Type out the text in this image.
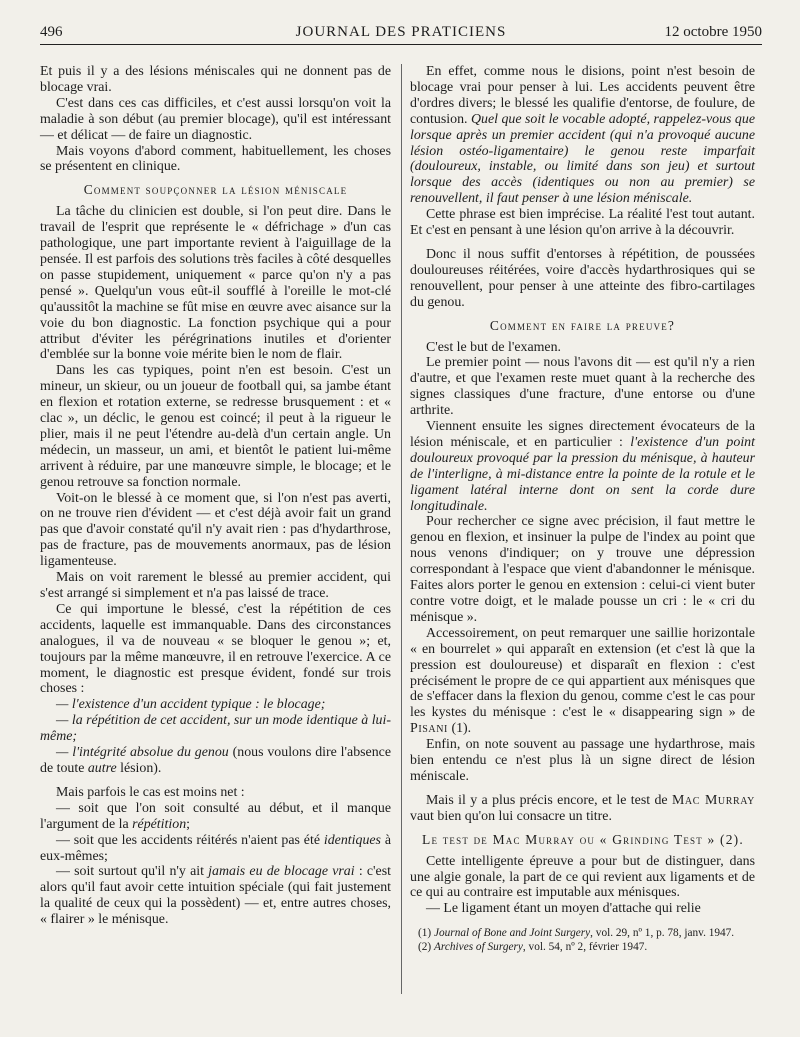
496	JOURNAL DES PRATICIENS	12 octobre 1950

Et puis il y a des lésions méniscales qui ne donnent pas de blocage vrai.

C'est dans ces cas difficiles, et c'est aussi lorsqu'on voit la maladie à son début (au premier blocage), qu'il est intéressant — et délicat — de faire un diagnostic.

Mais voyons d'abord comment, habituellement, les choses se présentent en clinique.

Comment soupçonner la lésion méniscale

La tâche du clinicien est double, si l'on peut dire. Dans le travail de l'esprit que représente le « défrichage » d'un cas pathologique, une part importante revient à l'aiguillage de la pensée. Il est parfois des solutions très faciles à côté desquelles on passe stupidement, uniquement « parce qu'on n'y a pas pensé ». Quelqu'un vous eût-il soufflé à l'oreille le mot-clé qu'aussitôt la machine se fût mise en œuvre avec aisance sur la voie du bon diagnostic. La fonction psychique qui a pour attribut d'éviter les pérégrinations inutiles et d'orienter d'emblée sur la bonne voie mérite bien le nom de flair.

Dans les cas typiques, point n'en est besoin. C'est un mineur, un skieur, ou un joueur de football qui, sa jambe étant en flexion et rotation externe, se redresse brusquement : et « clac », un déclic, le genou est coincé; il peut à la rigueur le plier, mais il ne peut l'étendre au-delà d'un certain angle. Un médecin, un masseur, un ami, et bientôt le patient lui-même arrivent à réduire, par une manœuvre simple, le blocage; et le genou retrouve sa fonction normale.

Voit-on le blessé à ce moment que, si l'on n'est pas averti, on ne trouve rien d'évident — et c'est déjà avoir fait un grand pas que d'avoir constaté qu'il n'y avait rien : pas d'hydarthrose, pas de fracture, pas de mouvements anormaux, pas de lésion ligamenteuse.

Mais on voit rarement le blessé au premier accident, qui s'est arrangé si simplement et n'a pas laissé de trace.

Ce qui importune le blessé, c'est la répétition de ces accidents, laquelle est immanquable. Dans des circonstances analogues, il va de nouveau « se bloquer le genou »; et, toujours par la même manœuvre, il en retrouve l'exercice. A ce moment, le diagnostic est presque évident, fondé sur trois choses :

— l'existence d'un accident typique : le blocage;

— la répétition de cet accident, sur un mode identique à lui-même;

— l'intégrité absolue du genou (nous voulons dire l'absence de toute autre lésion).

Mais parfois le cas est moins net :

— soit que l'on soit consulté au début, et il manque l'argument de la répétition;

— soit que les accidents réitérés n'aient pas été identiques à eux-mêmes;

— soit surtout qu'il n'y ait jamais eu de blocage vrai : c'est alors qu'il faut avoir cette intuition spéciale (qui fait justement la qualité de ceux qui la possèdent) — et, entre autres choses, « flairer » le ménisque.

En effet, comme nous le disions, point n'est besoin de blocage vrai pour penser à lui. Les accidents peuvent être d'ordres divers; le blessé les qualifie d'entorse, de foulure, de contusion. Quel que soit le vocable adopté, rappelez-vous que lorsque après un premier accident (qui n'a provoqué aucune lésion ostéo-ligamentaire) le genou reste imparfait (douloureux, instable, ou limité dans son jeu) et surtout lorsque des accès (identiques ou non au premier) se renouvellent, il faut penser à une lésion méniscale.

Cette phrase est bien imprécise. La réalité l'est tout autant. Et c'est en pensant à une lésion qu'on arrive à la découvrir.

Donc il nous suffit d'entorses à répétition, de poussées douloureuses réitérées, voire d'accès hydarthrosiques qui se renouvellent, pour penser à une atteinte des fibro-cartilages du genou.

Comment en faire la preuve?

C'est le but de l'examen.

Le premier point — nous l'avons dit — est qu'il n'y a rien d'autre, et que l'examen reste muet quant à la recherche des signes classiques d'une fracture, d'une entorse ou d'une arthrite.

Viennent ensuite les signes directement évocateurs de la lésion méniscale, et en particulier : l'existence d'un point douloureux provoqué par la pression du ménisque, à hauteur de l'interligne, à mi-distance entre la pointe de la rotule et le ligament latéral interne dont on sent la corde dure longitudinale.

Pour rechercher ce signe avec précision, il faut mettre le genou en flexion, et insinuer la pulpe de l'index au point que nous venons d'indiquer; on y trouve une dépression correspondant à l'espace que vient d'abandonner le ménisque. Faites alors porter le genou en extension : celui-ci vient buter contre votre doigt, et le malade pousse un cri : le « cri du ménisque ».

Accessoirement, on peut remarquer une saillie horizontale « en bourrelet » qui apparaît en extension (et c'est là que la pression est douloureuse) et disparaît en flexion : c'est précisément le propre de ce qui appartient aux ménisques que de s'effacer dans la flexion du genou, comme c'est le cas pour les kystes du ménisque : c'est le « disappearing sign » de Pisani (1).

Enfin, on note souvent au passage une hydarthrose, mais bien entendu ce n'est plus là un signe direct de lésion méniscale.

Mais il y a plus précis encore, et le test de Mac Murray vaut bien qu'on lui consacre un titre.

Le test de Mac Murray ou « Grinding Test » (2).

Cette intelligente épreuve a pour but de distinguer, dans une algie gonale, la part de ce qui revient aux ligaments et de ce qui au contraire est imputable aux ménisques.

— Le ligament étant un moyen d'attache qui relie

(1) Journal of Bone and Joint Surgery, vol. 29, nº 1, p. 78, janv. 1947.

(2) Archives of Surgery, vol. 54, nº 2, février 1947.
